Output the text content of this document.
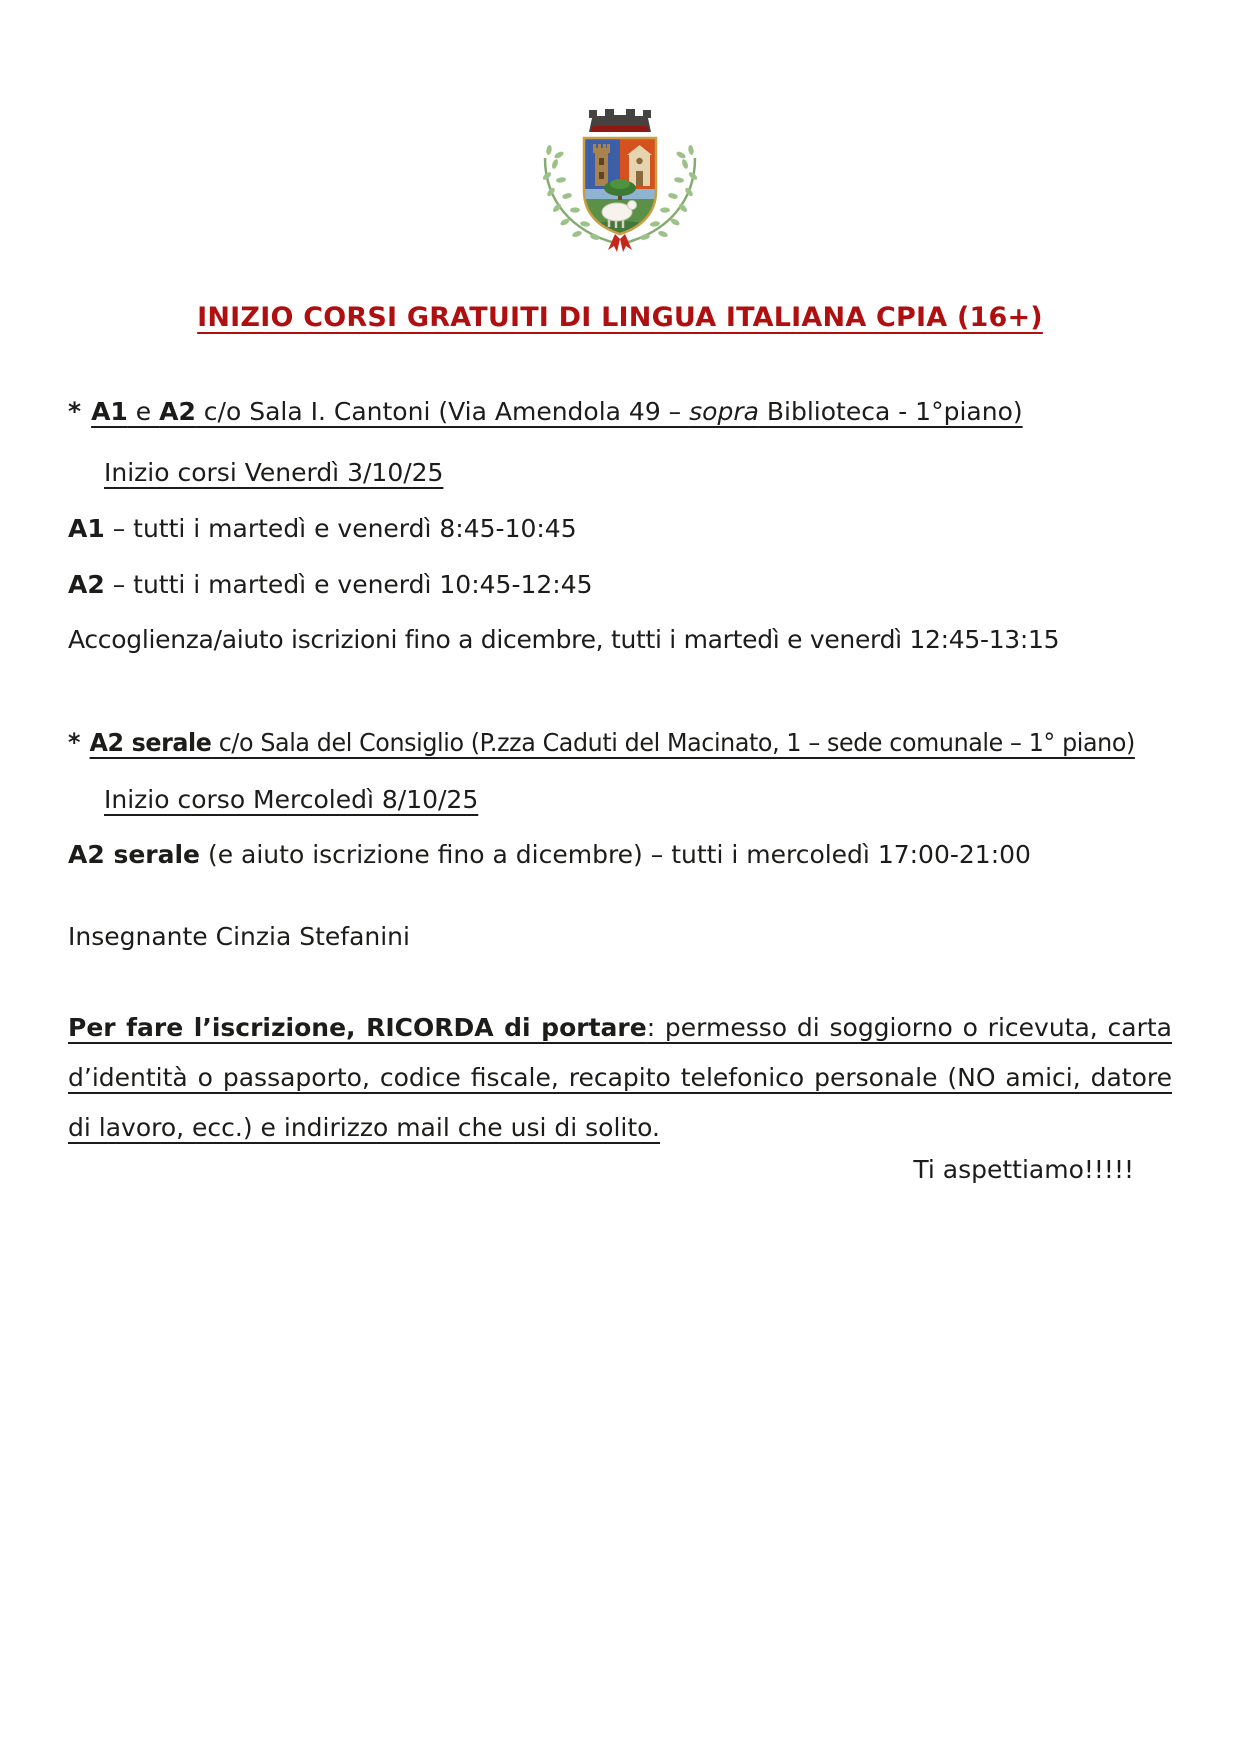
INIZIO CORSI GRATUITI DI LINGUA ITALIANA CPIA (16+)

* A1 e A2 c/o Sala I. Cantoni (Via Amendola 49 – sopra Biblioteca - 1°piano)

Inizio corsi Venerdì 3/10/25

A1 – tutti i martedì e venerdì 8:45-10:45

A2 – tutti i martedì e venerdì 10:45-12:45

Accoglienza/aiuto iscrizioni fino a dicembre, tutti i martedì e venerdì 12:45-13:15

* A2 serale c/o Sala del Consiglio (P.zza Caduti del Macinato, 1 – sede comunale – 1° piano)

Inizio corso Mercoledì 8/10/25

A2 serale (e aiuto iscrizione fino a dicembre) – tutti i mercoledì 17:00-21:00

Insegnante Cinzia Stefanini

Per fare l’iscrizione, RICORDA di portare: permesso di soggiorno o ricevuta, carta d’identità o passaporto, codice fiscale, recapito telefonico personale (NO amici, datore di lavoro, ecc.) e indirizzo mail che usi di solito.

Ti aspettiamo!!!!!
